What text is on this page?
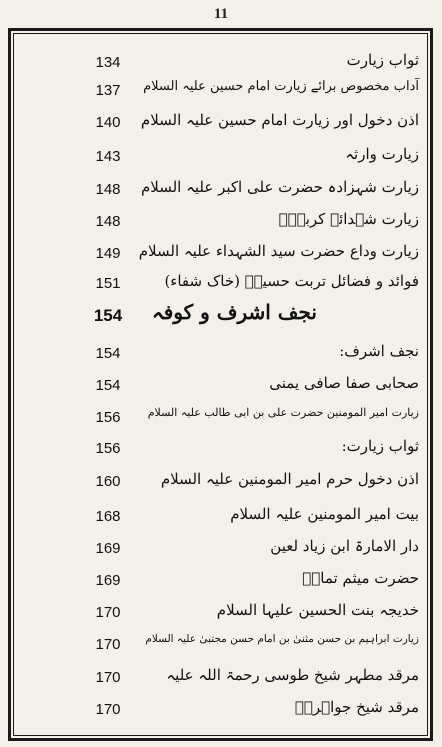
11
134	ثواب زیارت
137	آداب مخصوص برائے زیارت امام حسین علیہ السلام
140	اذن دخول اور زیارت امام حسین علیہ السلام
143	زیارت وارثہ
148	زیارت شہزادہ حضرت علی اکبر علیہ السلام
148	زیارت شہدائے کربلاؑ
149	زیارت وداع حضرت سید الشہداء علیہ السلام
151	فوائد و فضائل تربت حسینؑ (خاک شفاء)
154	نجف اشرف و کوفہ
154	نجف اشرف:
154	صحابی صفا صافی یمنی
156	زیارت امیر المومنین حضرت علی بن ابی طالب علیہ السلام
156	ثواب زیارت:
160	اذن دخول حرم امیر المومنین علیہ السلام
168	بیت امیر المومنین علیہ السلام
169	دار الامارۃ ابن زیاد لعین
169	حضرت میثم تمارؒ
170	خدیجہ بنت الحسین علیہا السلام
170	زیارت ابراہیم بن حسن مثنیٰ بن امام حسن مجتبیٰ علیہ السلام
170	مرقد مطہر شیخ طوسی رحمۃ اللہ علیہ
170	مرقد شیخ جواہریؒ
